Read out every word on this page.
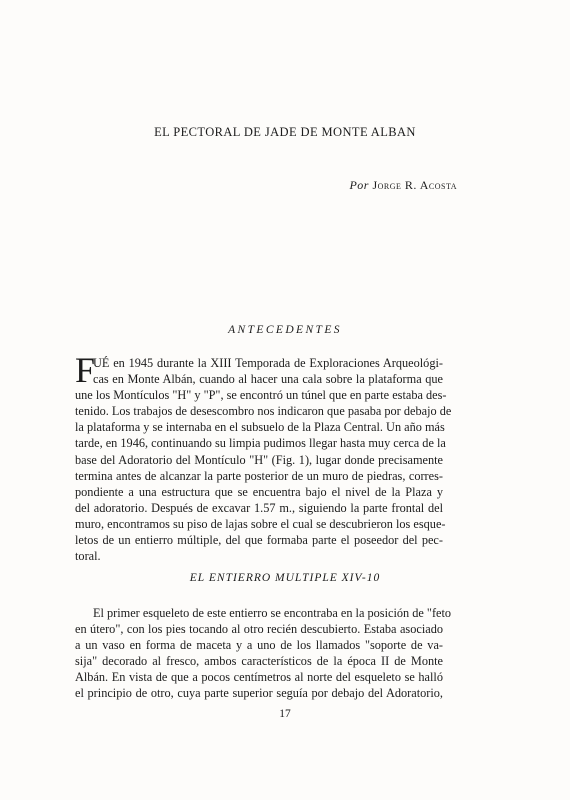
EL PECTORAL DE JADE DE MONTE ALBAN
Por Jorge R. Acosta
ANTECEDENTES
F
UÉ en 1945 durante la XIII Temporada de Exploraciones Arqueológi-
cas en Monte Albán, cuando al hacer una cala sobre la plataforma que
une los Montículos "H" y "P", se encontró un túnel que en parte estaba des-
tenido. Los trabajos de desescombro nos indicaron que pasaba por debajo de
la plataforma y se internaba en el subsuelo de la Plaza Central. Un año más
tarde, en 1946, continuando su limpia pudimos llegar hasta muy cerca de la
base del Adoratorio del Montículo "H" (Fig. 1), lugar donde precisamente
termina antes de alcanzar la parte posterior de un muro de piedras, corres-
pondiente a una estructura que se encuentra bajo el nivel de la Plaza y
del adoratorio. Después de excavar 1.57 m., siguiendo la parte frontal del
muro, encontramos su piso de lajas sobre el cual se descubrieron los esque-
letos de un entierro múltiple, del que formaba parte el poseedor del pec-
toral.
EL ENTIERRO MULTIPLE XIV-10
El primer esqueleto de este entierro se encontraba en la posición de "feto
en útero", con los pies tocando al otro recién descubierto. Estaba asociado
a un vaso en forma de maceta y a uno de los llamados "soporte de va-
sija" decorado al fresco, ambos característicos de la época II de Monte
Albán. En vista de que a pocos centímetros al norte del esqueleto se halló
el principio de otro, cuya parte superior seguía por debajo del Adoratorio,
17
